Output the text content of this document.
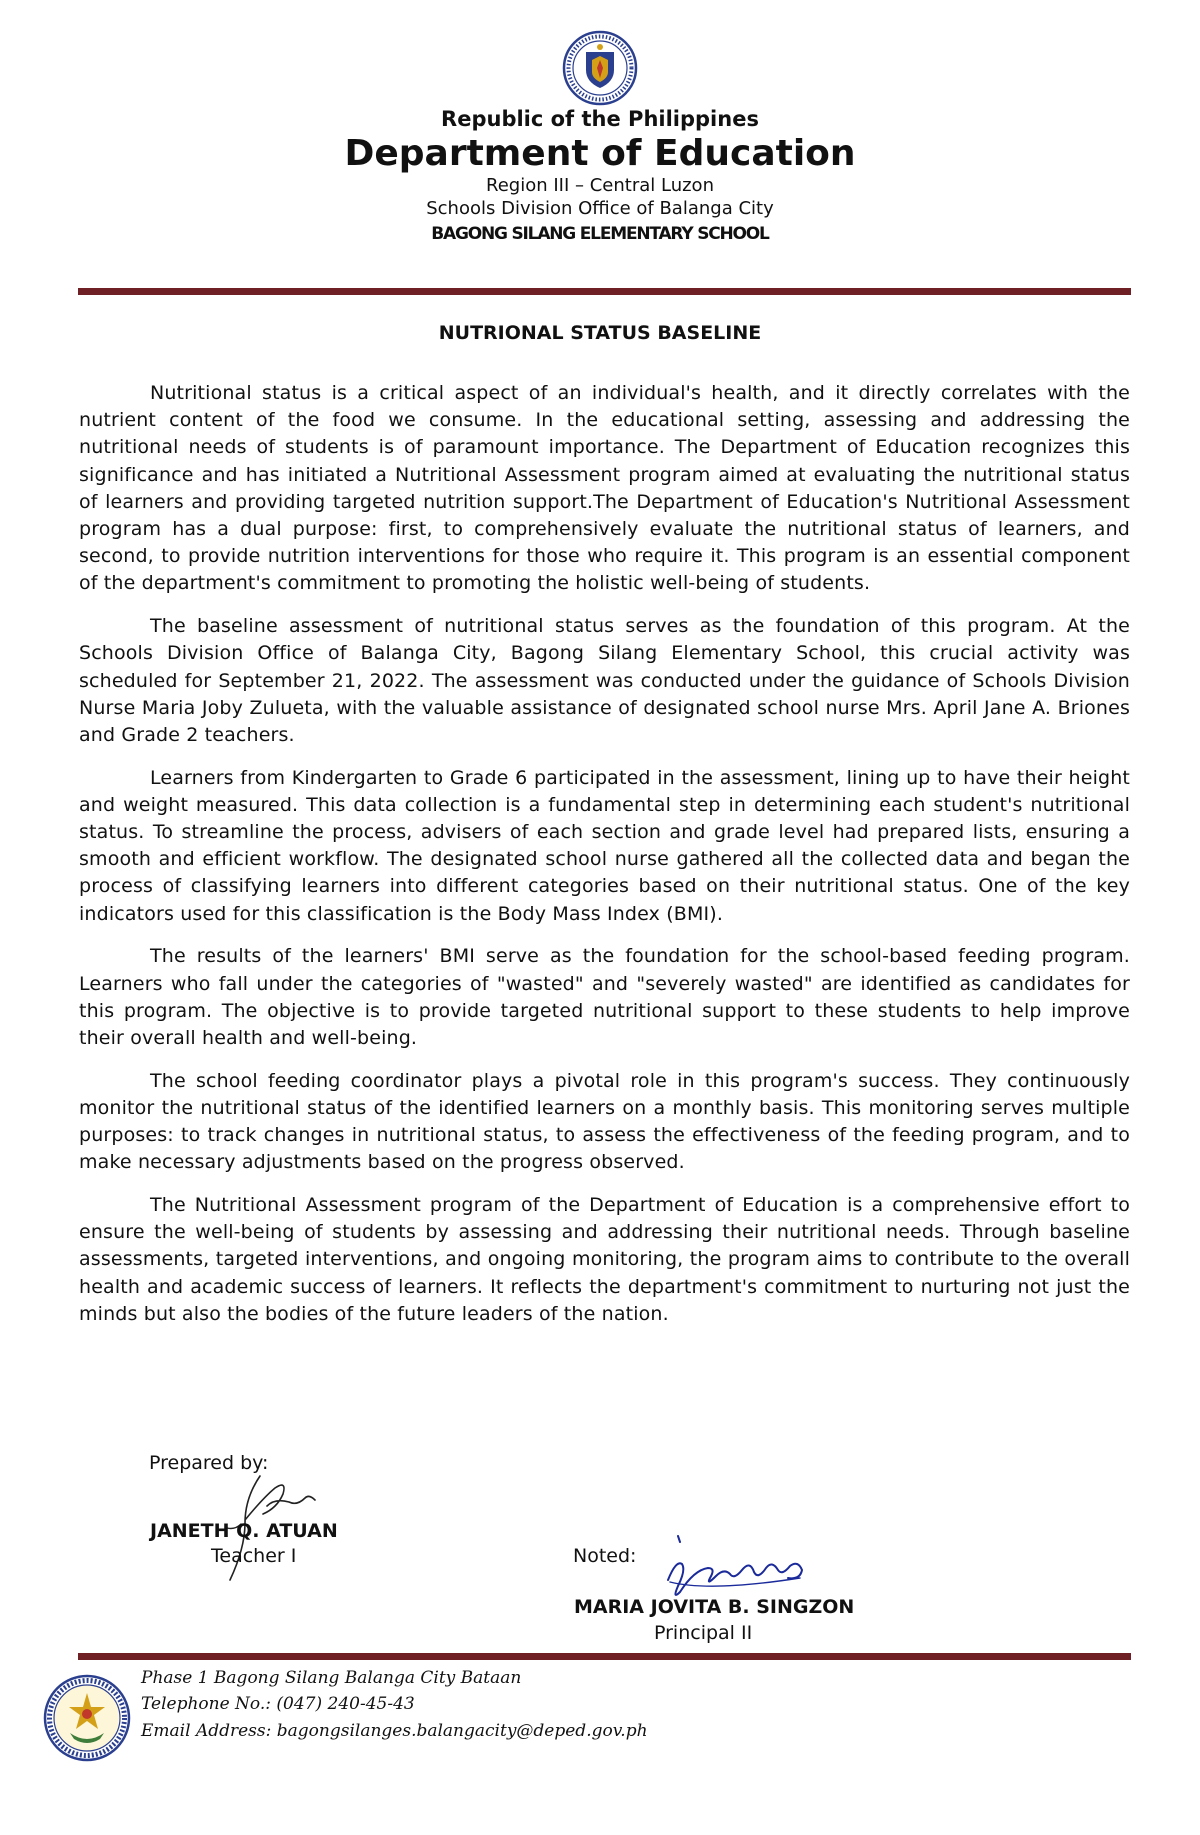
Republic of the Philippines

Department of Education

Region III – Central Luzon

Schools Division Office of Balanga City

BAGONG SILANG ELEMENTARY SCHOOL

NUTRIONAL STATUS BASELINE

Nutritional status is a critical aspect of an individual's health, and it directly correlates with the nutrient content of the food we consume. In the educational setting, assessing and addressing the nutritional needs of students is of paramount importance. The Department of Education recognizes this significance and has initiated a Nutritional Assessment program aimed at evaluating the nutritional status of learners and providing targeted nutrition support.The Department of Education's Nutritional Assessment program has a dual purpose: first, to comprehensively evaluate the nutritional status of learners, and second, to provide nutrition interventions for those who require it. This program is an essential component of the department's commitment to promoting the holistic well-being of students.

The baseline assessment of nutritional status serves as the foundation of this program. At the Schools Division Office of Balanga City, Bagong Silang Elementary School, this crucial activity was scheduled for September 21, 2022. The assessment was conducted under the guidance of Schools Division Nurse Maria Joby Zulueta, with the valuable assistance of designated school nurse Mrs. April Jane A. Briones and Grade 2 teachers.

Learners from Kindergarten to Grade 6 participated in the assessment, lining up to have their height and weight measured. This data collection is a fundamental step in determining each student's nutritional status. To streamline the process, advisers of each section and grade level had prepared lists, ensuring a smooth and efficient workflow. The designated school nurse gathered all the collected data and began the process of classifying learners into different categories based on their nutritional status. One of the key indicators used for this classification is the Body Mass Index (BMI).

The results of the learners' BMI serve as the foundation for the school-based feeding program. Learners who fall under the categories of "wasted" and "severely wasted" are identified as candidates for this program. The objective is to provide targeted nutritional support to these students to help improve their overall health and well-being.

The school feeding coordinator plays a pivotal role in this program's success. They continuously monitor the nutritional status of the identified learners on a monthly basis. This monitoring serves multiple purposes: to track changes in nutritional status, to assess the effectiveness of the feeding program, and to make necessary adjustments based on the progress observed.

The Nutritional Assessment program of the Department of Education is a comprehensive effort to ensure the well-being of students by assessing and addressing their nutritional needs. Through baseline assessments, targeted interventions, and ongoing monitoring, the program aims to contribute to the overall health and academic success of learners. It reflects the department's commitment to nurturing not just the minds but also the bodies of the future leaders of the nation.

Prepared by:

JANETH Q. ATUAN

Teacher I	Noted:

MARIA JOVITA B. SINGZON

Principal II

Phase 1 Bagong Silang Balanga City Bataan

Telephone No.: (047) 240-45-43

Email Address: bagongsilanges.balangacity@deped.gov.ph
